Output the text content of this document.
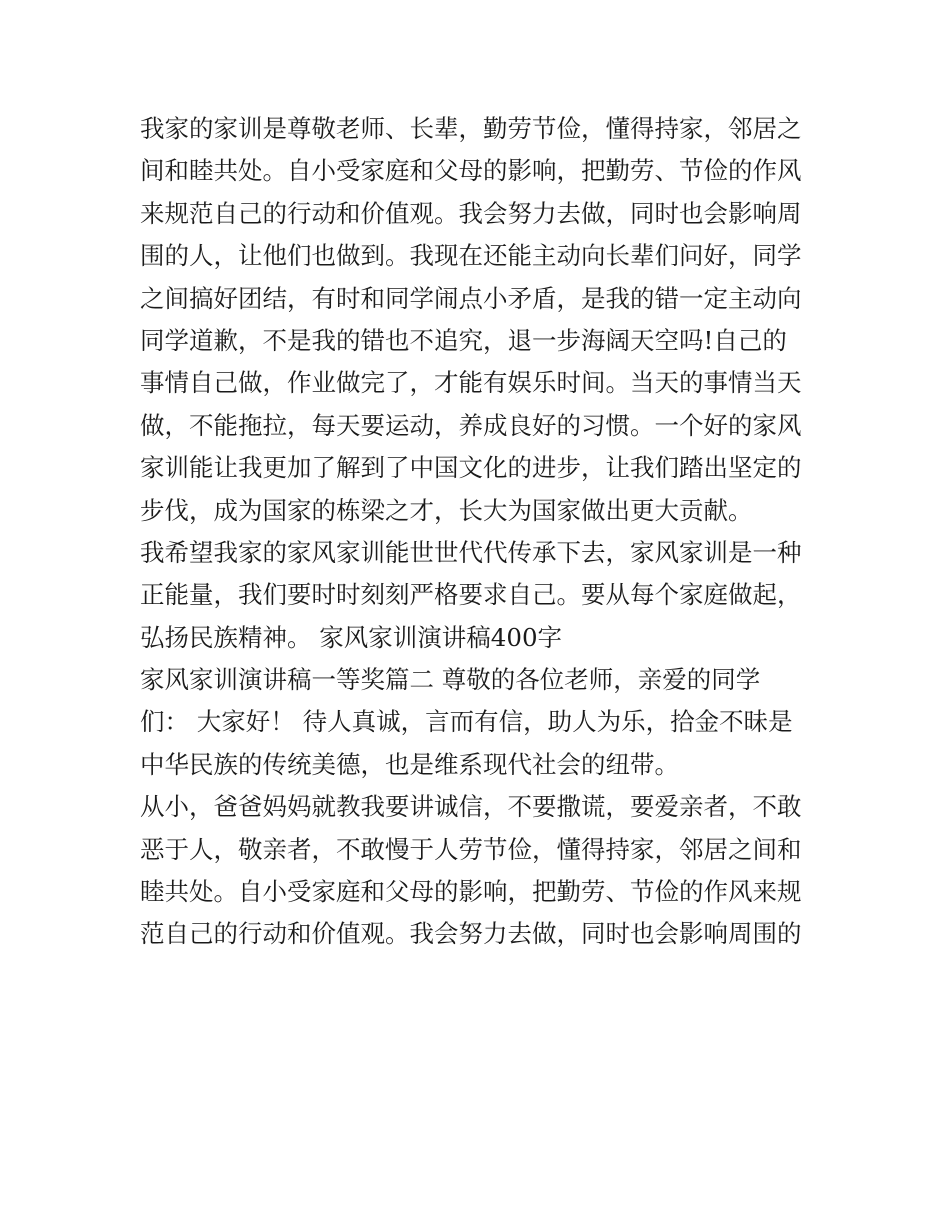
我家的家训是尊敬老师、长辈，勤劳节俭，懂得持家，邻居之
间和睦共处。自小受家庭和父母的影响，把勤劳、节俭的作风
来规范自己的行动和价值观。我会努力去做，同时也会影响周
围的人，让他们也做到。我现在还能主动向长辈们问好，同学
之间搞好团结，有时和同学闹点小矛盾，是我的错一定主动向
同学道歉，不是我的错也不追究，退一步海阔天空吗!自己的
事情自己做，作业做完了，才能有娱乐时间。当天的事情当天
做，不能拖拉，每天要运动，养成良好的习惯。一个好的家风
家训能让我更加了解到了中国文化的进步，让我们踏出坚定的
步伐，成为国家的栋梁之才，长大为国家做出更大贡献。
我希望我家的家风家训能世世代代传承下去，家风家训是一种
正能量，我们要时时刻刻严格要求自己。要从每个家庭做起，
弘扬民族精神。 家风家训演讲稿400字
家风家训演讲稿一等奖篇二 尊敬的各位老师，亲爱的同学
们： 大家好！ 待人真诚，言而有信，助人为乐，拾金不昧是
中华民族的传统美德，也是维系现代社会的纽带。
从小，爸爸妈妈就教我要讲诚信，不要撒谎，要爱亲者，不敢
恶于人，敬亲者，不敢慢于人劳节俭，懂得持家，邻居之间和
睦共处。自小受家庭和父母的影响，把勤劳、节俭的作风来规
范自己的行动和价值观。我会努力去做，同时也会影响周围的
